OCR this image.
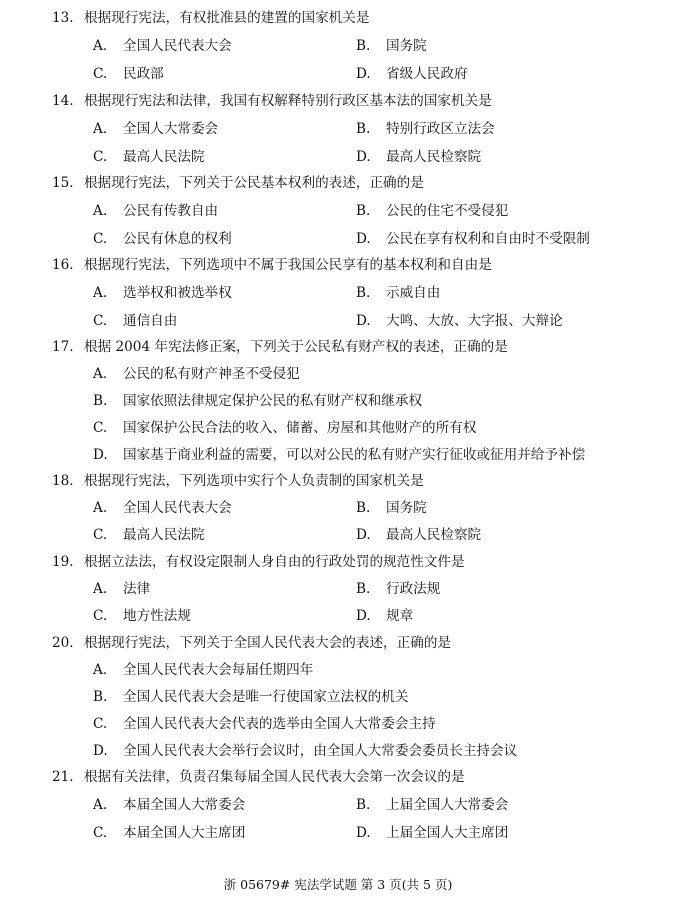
13. 根据现行宪法，有权批准县的建置的国家机关是
A. 全国人民代表大会	B. 国务院
C. 民政部	D. 省级人民政府
14. 根据现行宪法和法律，我国有权解释特别行政区基本法的国家机关是
A. 全国人大常委会	B. 特别行政区立法会
C. 最高人民法院	D. 最高人民检察院
15. 根据现行宪法，下列关于公民基本权利的表述，正确的是
A. 公民有传教自由	B. 公民的住宅不受侵犯
C. 公民有休息的权利	D. 公民在享有权利和自由时不受限制
16. 根据现行宪法，下列选项中不属于我国公民享有的基本权利和自由是
A. 选举权和被选举权	B. 示威自由
C. 通信自由	D. 大鸣、大放、大字报、大辩论
17. 根据 2004 年宪法修正案，下列关于公民私有财产权的表述，正确的是
A. 公民的私有财产神圣不受侵犯
B. 国家依照法律规定保护公民的私有财产权和继承权
C. 国家保护公民合法的收入、储蓄、房屋和其他财产的所有权
D. 国家基于商业利益的需要，可以对公民的私有财产实行征收或征用并给予补偿
18. 根据现行宪法，下列选项中实行个人负责制的国家机关是
A. 全国人民代表大会	B. 国务院
C. 最高人民法院	D. 最高人民检察院
19. 根据立法法，有权设定限制人身自由的行政处罚的规范性文件是
A. 法律	B. 行政法规
C. 地方性法规	D. 规章
20. 根据现行宪法，下列关于全国人民代表大会的表述，正确的是
A. 全国人民代表大会每届任期四年
B. 全国人民代表大会是唯一行使国家立法权的机关
C. 全国人民代表大会代表的选举由全国人大常委会主持
D. 全国人民代表大会举行会议时，由全国人大常委会委员长主持会议
21. 根据有关法律，负责召集每届全国人民代表大会第一次会议的是
A. 本届全国人大常委会	B. 上届全国人大常委会
C. 本届全国人大主席团	D. 上届全国人大主席团
浙 05679# 宪法学试题 第 3 页(共 5 页)
